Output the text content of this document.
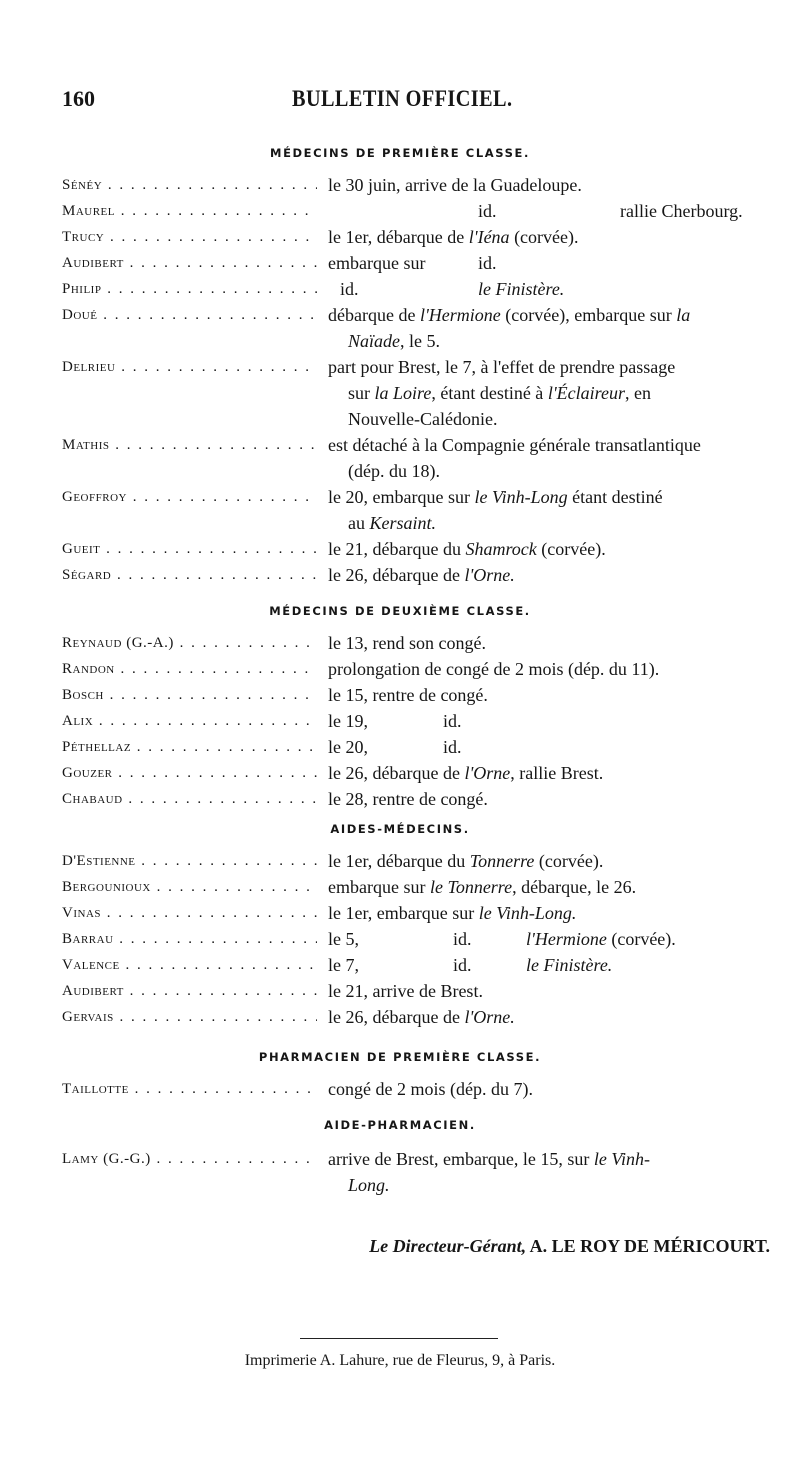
160	BULLETIN OFFICIEL.
MÉDECINS DE PREMIÈRE CLASSE.
Sénéy . . .	le 30 juin, arrive de la Guadeloupe.
Maurel . . .	id.	rallie Cherbourg.
Trucy . . .	le 1er, débarque de l'Iéna (corvée).
Audibert . . .	embarque sur	id.
Philip . . .	id.	le Finistère.
Doué . . .	débarque de l'Hermione (corvée), embarque sur la
Naïade, le 5.
Delrieu . . .	part pour Brest, le 7, à l'effet de prendre passage
sur la Loire, étant destiné à l'Éclaireur, en
Nouvelle-Calédonie.
Mathis . . .	est détaché à la Compagnie générale transatlantique
(dép. du 18).
Geoffroy . . .	le 20, embarque sur le Vinh-Long étant destiné
au Kersaint.
Gueit . . .	le 21, débarque du Shamrock (corvée).
Ségard . . .	le 26, débarque de l'Orne.
MÉDECINS DE DEUXIÈME CLASSE.
Reynaud (G.-A.) . . .	le 13, rend son congé.
Randon . . .	prolongation de congé de 2 mois (dép. du 11).
Bosch . . .	le 15, rentre de congé.
Alix . . .	le 19,	id.
Péthellaz . . .	le 20,	id.
Gouzer . . .	le 26, débarque de l'Orne, rallie Brest.
Chabaud . . .	le 28, rentre de congé.
AIDES-MÉDECINS.
D'Estienne . . .	le 1er, débarque du Tonnerre (corvée).
Bergounioux . . .	embarque sur le Tonnerre, débarque, le 26.
Vinas . . .	le 1er, embarque sur le Vinh-Long.
Barrau . . .	le 5,	id.	l'Hermione (corvée).
Valence . . .	le 7,	id.	le Finistère.
Audibert . . .	le 21, arrive de Brest.
Gervais . . .	le 26, débarque de l'Orne.
PHARMACIEN DE PREMIÈRE CLASSE.
Taillotte . . .	congé de 2 mois (dép. du 7).
AIDE-PHARMACIEN.
Lamy (G.-G.) . . .	arrive de Brest, embarque, le 15, sur le Vinh-
Long.
Le Directeur-Gérant, A. LE ROY DE MÉRICOURT.
Imprimerie A. Lahure, rue de Fleurus, 9, à Paris.
